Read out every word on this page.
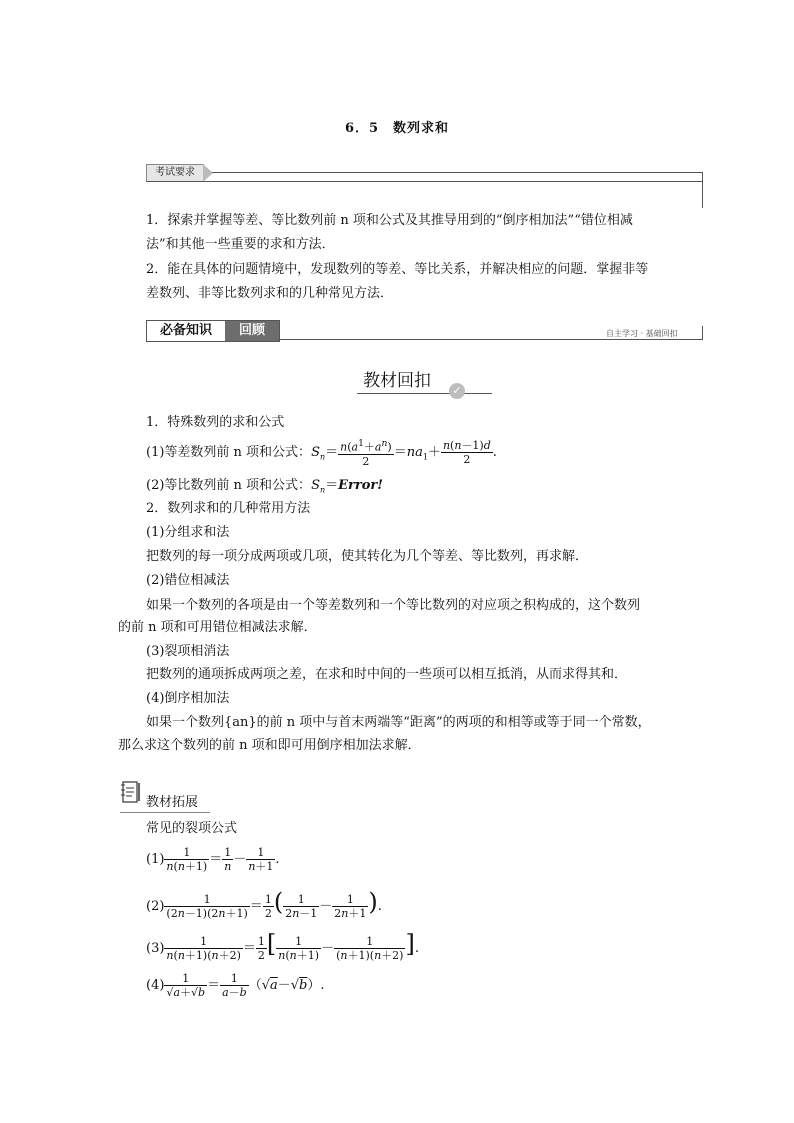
6．5　数列求和
考试要求
1．探索并掌握等差、等比数列前 n 项和公式及其推导用到的“倒序相加法”“错位相减
法”和其他一些重要的求和方法．
2．能在具体的问题情境中，发现数列的等差、等比关系，并解决相应的问题．掌握非等
差数列、非等比数列求和的几种常见方法．
必备知识	回顾	自主学习 · 基础回扣
教材回扣	✓
1．特殊数列的求和公式
(1)等差数列前 n 项和公式：$S_n= \frac{n(a^1+a^n)}{2} =na_1+ \frac{n(n-1)d}{2}$ .
(2)等比数列前 n 项和公式：$S_n=Error$!
2．数列求和的几种常用方法
(1)分组求和法
把数列的每一项分成两项或几项，使其转化为几个等差、等比数列，再求解．
(2)错位相减法
如果一个数列的各项是由一个等差数列和一个等比数列的对应项之积构成的，这个数列
的前 n 项和可用错位相减法求解．
(3)裂项相消法
把数列的通项拆成两项之差，在求和时中间的一些项可以相互抵消，从而求得其和．
(4)倒序相加法
如果一个数列{an}的前 n 项中与首末两端等“距离”的两项的和相等或等于同一个常数，
那么求这个数列的前 n 项和即可用倒序相加法求解．
教材拓展
常见的裂项公式
$(1) \frac{1}{n(n+1)} = \frac{1}{n} - \frac{1}{n+1}$ .
$(2) \frac{1}{(2n-1)(2n+1)} = \frac{1}{2}$ ( $\frac{1}{2n-1} - \frac{1}{2n+1}$ ).
$(3) \frac{1}{n(n+1)(n+2)} = \frac{1}{2}$ [ $\frac{1}{n(n+1)} - \frac{1}{(n+1)(n+2)}$ ].
$(4) \frac{1}{√a+√b} = \frac{1}{a-b} (√a-√b)$.
